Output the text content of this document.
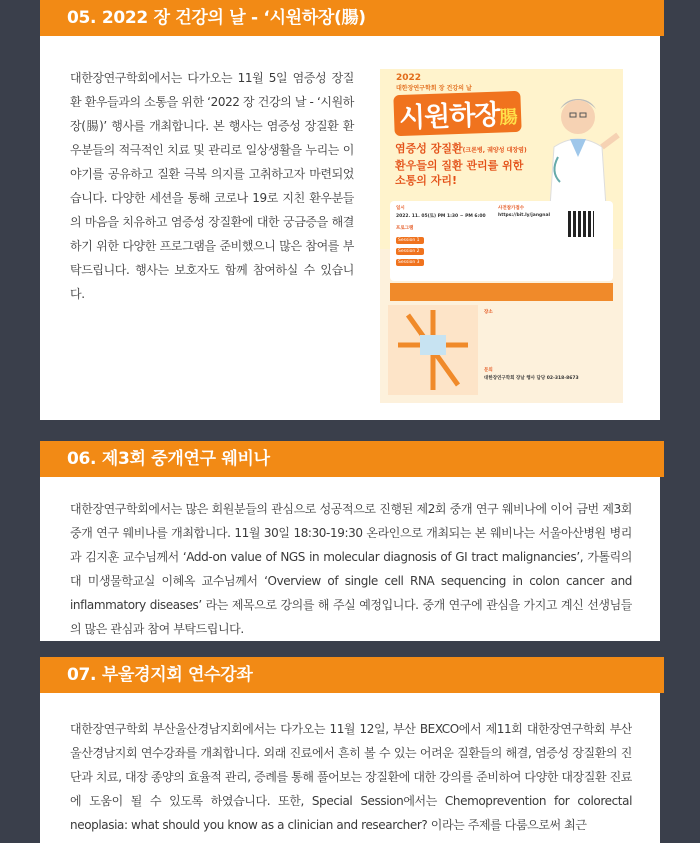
05. 2022 장 건강의 날 - ‘시원하장(腸)
대한장연구학회에서는 다가오는 11월 5일 염증성 장질환 환우들과의 소통을 위한 ‘2022 장 건강의 날 - ‘시원하장(腸)’ 행사를 개최합니다. 본 행사는 염증성 장질환 환우분들의 적극적인 치료 및 관리로 일상생활을 누리는 이야기를 공유하고 질환 극복 의지를 고취하고자 마련되었습니다. 다양한 세션을 통해 코로나 19로 지친 환우분들의 마음을 치유하고 염증성 장질환에 대한 궁금증을 해결하기 위한 다양한 프로그램을 준비했으니 많은 참여를 부탁드립니다. 행사는 보호자도 함께 참여하실 수 있습니다.
2022
대한장연구학회 장 건강의 날
시원하장腸
염증성 장질환(크론병, 궤양성 대장염)
환우들의 질환 관리를 위한
소통의 자리!
일시
2022. 11. 05(토) PM 1:30 ~ PM 6:00
사전참가접수
https://bit.ly/jangnal
프로그램
Session 1
Session 2
Session 3
장소
문의
대한장연구학회 장날 행사 담당 02-318-8673
06. 제3회 중개연구 웨비나
대한장연구학회에서는 많은 회원분들의 관심으로 성공적으로 진행된 제2회 중개 연구 웨비나에 이어 금번 제3회 중개 연구 웨비나를 개최합니다. 11월 30일 18:30-19:30 온라인으로 개최되는 본 웨비나는 서울아산병원 병리과 김지훈 교수님께서 ‘Add-on value of NGS in molecular diagnosis of GI tract malignancies’, 가톨릭의대 미생물학교실 이혜옥 교수님께서 ‘Overview of single cell RNA sequencing in colon cancer and inflammatory diseases’ 라는 제목으로 강의를 해 주실 예정입니다. 중개 연구에 관심을 가지고 계신 선생님들의 많은 관심과 참여 부탁드립니다.
07. 부울경지회 연수강좌
대한장연구학회 부산울산경남지회에서는 다가오는 11월 12일, 부산 BEXCO에서 제11회 대한장연구학회 부산울산경남지회 연수강좌를 개최합니다. 외래 진료에서 흔히 볼 수 있는 어려운 질환들의 해결, 염증성 장질환의 진단과 치료, 대장 종양의 효율적 관리, 증례를 통해 풀어보는 장질환에 대한 강의를 준비하여 다양한 대장질환 진료에 도움이 될 수 있도록 하였습니다. 또한, Special Session에서는 Chemoprevention for colorectal neoplasia: what should you know as a clinician and researcher? 이라는 주제를 다룸으로써 최근
